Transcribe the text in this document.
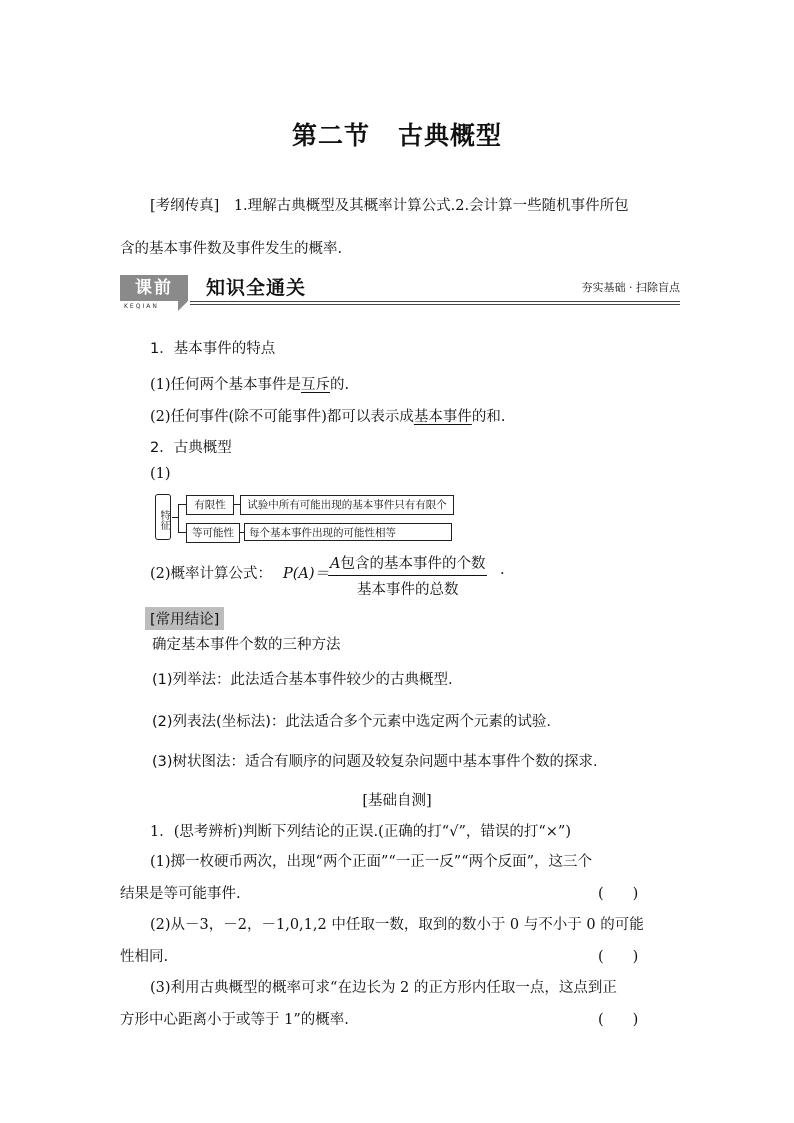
第二节 古典概型
[考纲传真]　1.理解古典概型及其概率计算公式.2.会计算一些随机事件所包
含的基本事件数及事件发生的概率.
课前
KEQIAN
知识全通关	夯实基础 · 扫除盲点
1．基本事件的特点
(1)任何两个基本事件是互斥的.
(2)任何事件(除不可能事件)都可以表示成基本事件的和.
2．古典概型
(1)
特征
有限性	试验中所有可能出现的基本事件只有有限个
等可能性	每个基本事件出现的可能性相等
(2)概率计算公式： P(A)＝
A包含的基本事件的个数
基本事件的总数
.
[常用结论]
确定基本事件个数的三种方法
(1)列举法：此法适合基本事件较少的古典概型.
(2)列表法(坐标法)：此法适合多个元素中选定两个元素的试验.
(3)树状图法：适合有顺序的问题及较复杂问题中基本事件个数的探求.
[基础自测]
1．(思考辨析)判断下列结论的正误.(正确的打“√”，错误的打“×”)
(1)掷一枚硬币两次，出现“两个正面”“一正一反”“两个反面”，这三个
结果是等可能事件.	(　　)
(2)从－3，－2，－1,0,1,2 中任取一数，取到的数小于 0 与不小于 0 的可能
性相同.	(　　)
(3)利用古典概型的概率可求“在边长为 2 的正方形内任取一点，这点到正
方形中心距离小于或等于 1”的概率.	(　　)
